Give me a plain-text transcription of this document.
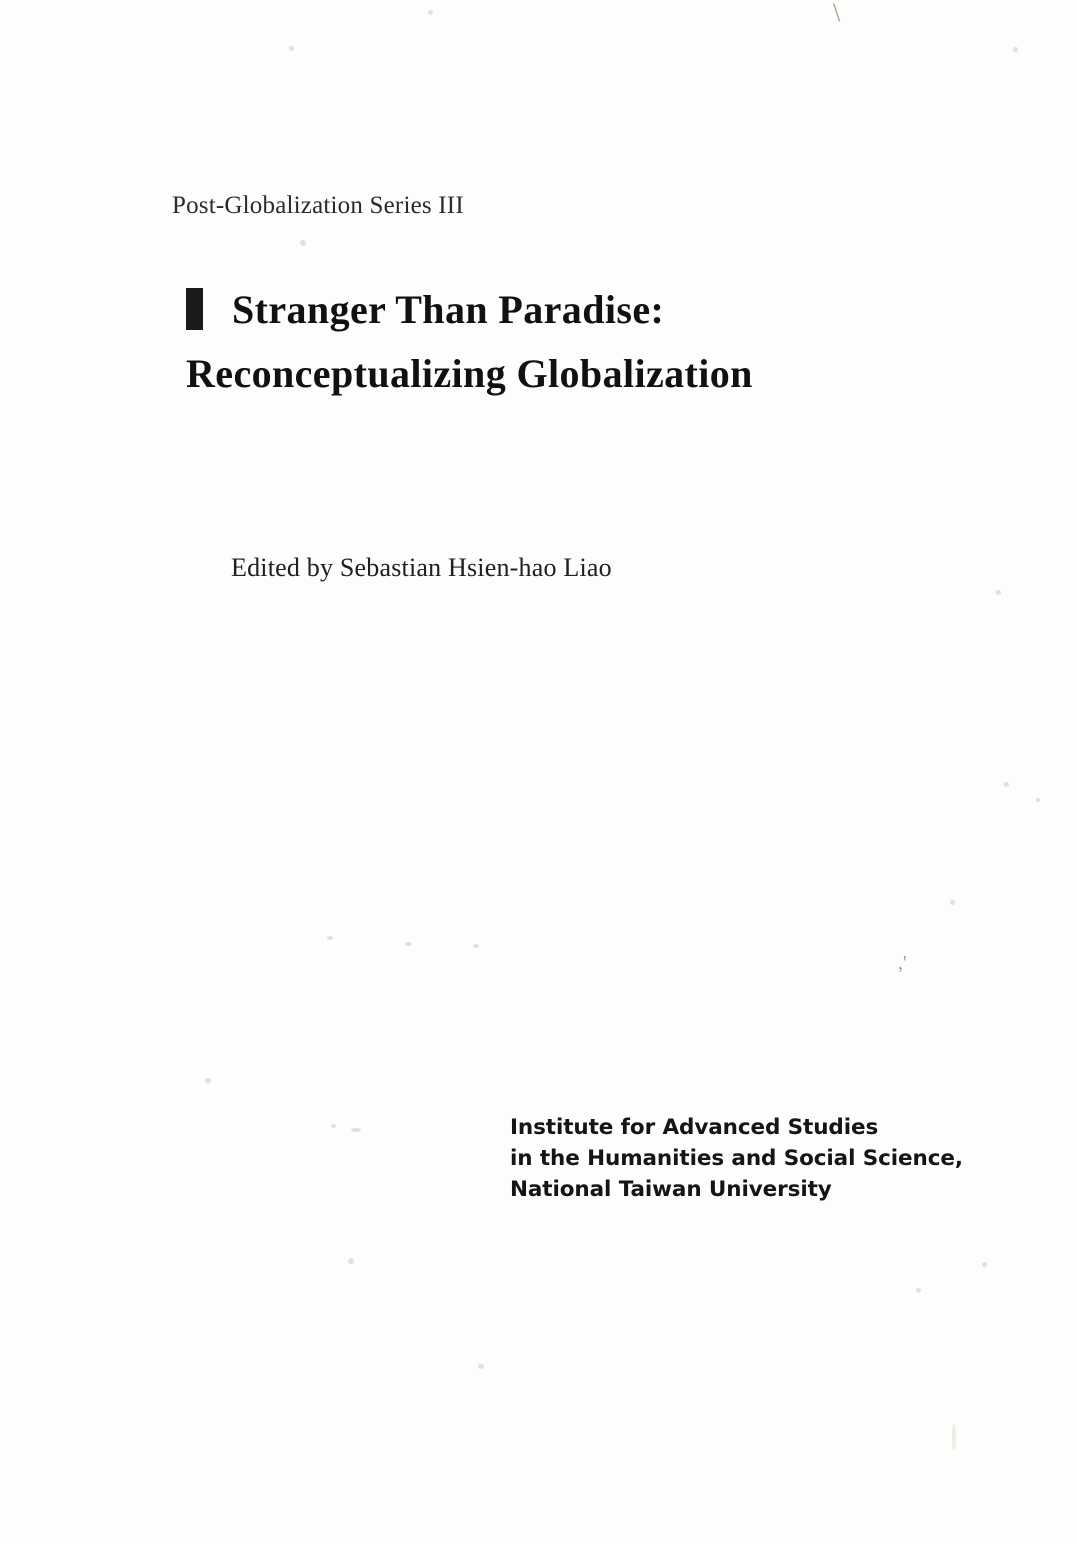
\
,'
Post-Globalization Series III
Stranger Than Paradise:
Reconceptualizing Globalization
Edited by Sebastian Hsien-hao Liao
Institute for Advanced Studies
in the Humanities and Social Science,
National Taiwan University
